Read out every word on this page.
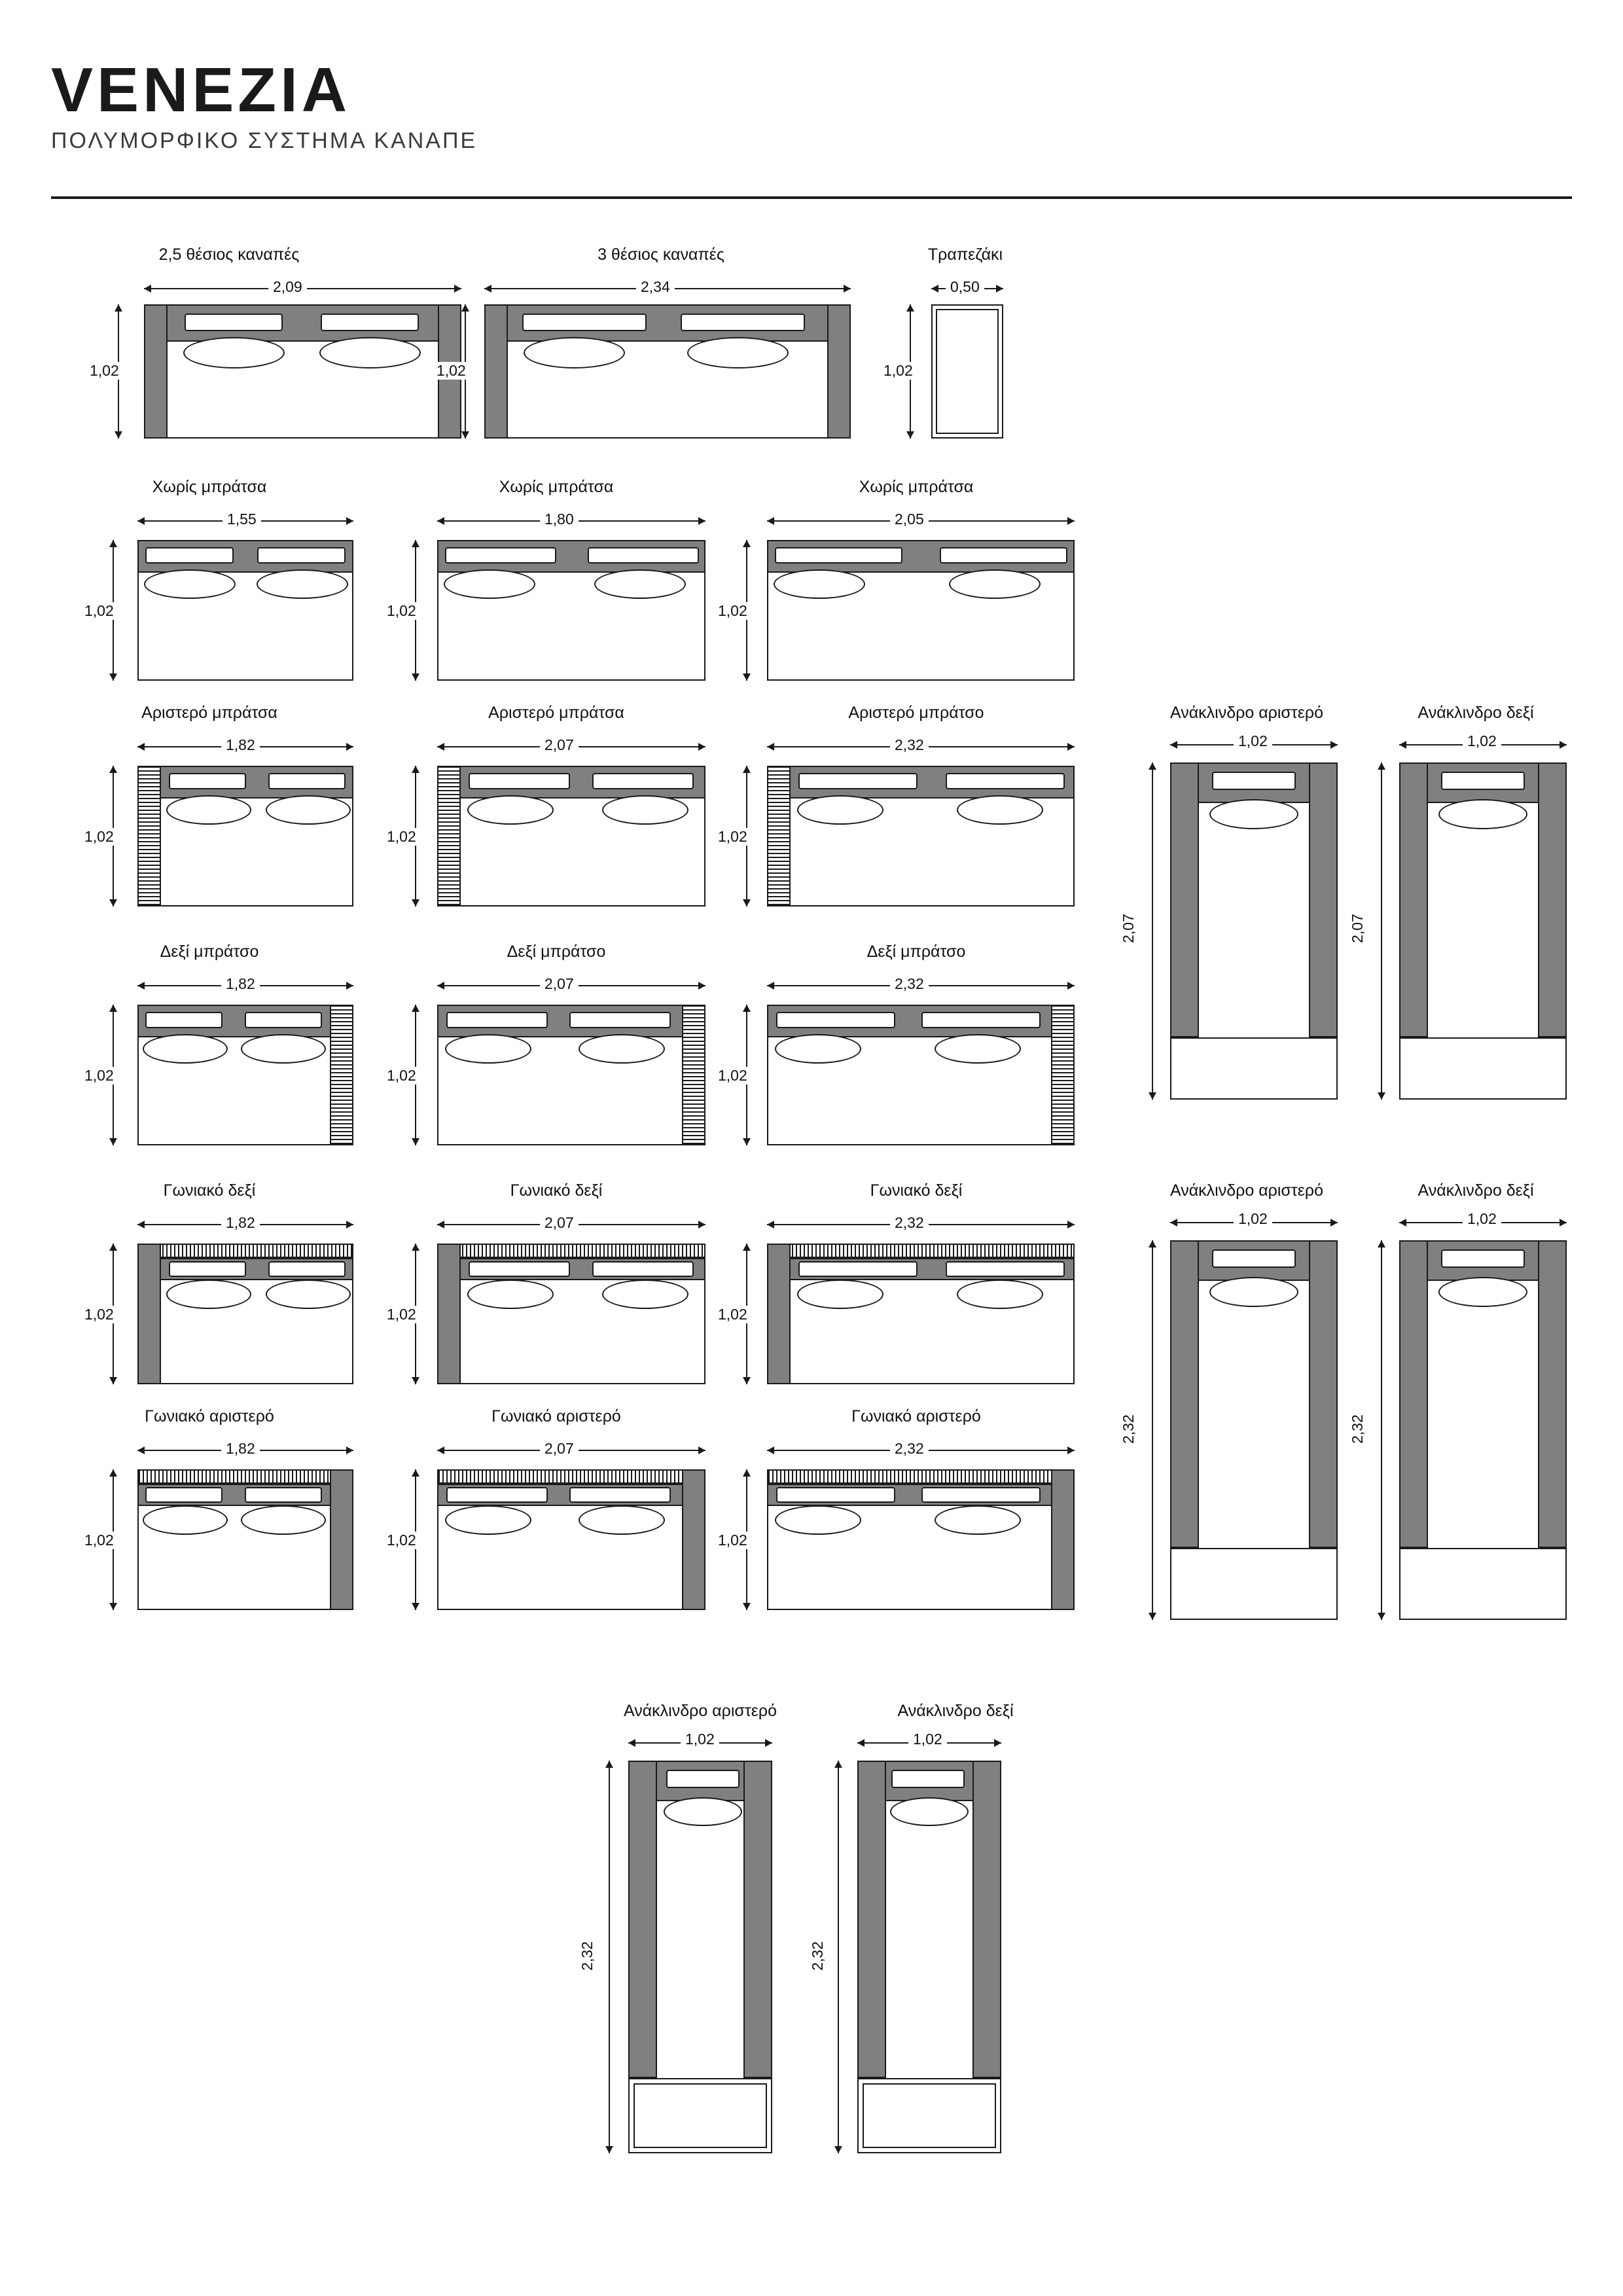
VENEZIA
ΠΟΛΥΜΟΡΦΙΚΟ ΣΥΣΤΗΜΑ ΚΑΝΑΠΕ
2,5 θέσιος καναπές
2,09
1,02
3 θέσιος καναπές
2,34
1,02
Τραπεζάκι
0,50
1,02
Χωρίς μπράτσα
1,55
1,02
Χωρίς μπράτσα
1,80
1,02
Χωρίς μπράτσα
2,05
1,02
Αριστερό μπράτσα
1,82
1,02
Αριστερό μπράτσα
2,07
1,02
Αριστερό μπράτσο
2,32
1,02
Ανάκλινδρο αριστερό
1,02
2,07
Ανάκλινδρο δεξί
1,02
2,07
Δεξί μπράτσο
1,82
1,02
Δεξί μπράτσο
2,07
1,02
Δεξί μπράτσο
2,32
1,02
Γωνιακό δεξί
1,82
1,02
Γωνιακό δεξί
2,07
1,02
Γωνιακό δεξί
2,32
1,02
Ανάκλινδρο αριστερό
1,02
2,32
Ανάκλινδρο δεξί
1,02
2,32
Γωνιακό αριστερό
1,82
1,02
Γωνιακό αριστερό
2,07
1,02
Γωνιακό αριστερό
2,32
1,02
Ανάκλινδρο αριστερό
1,02
2,32
Ανάκλινδρο δεξί
1,02
2,32
